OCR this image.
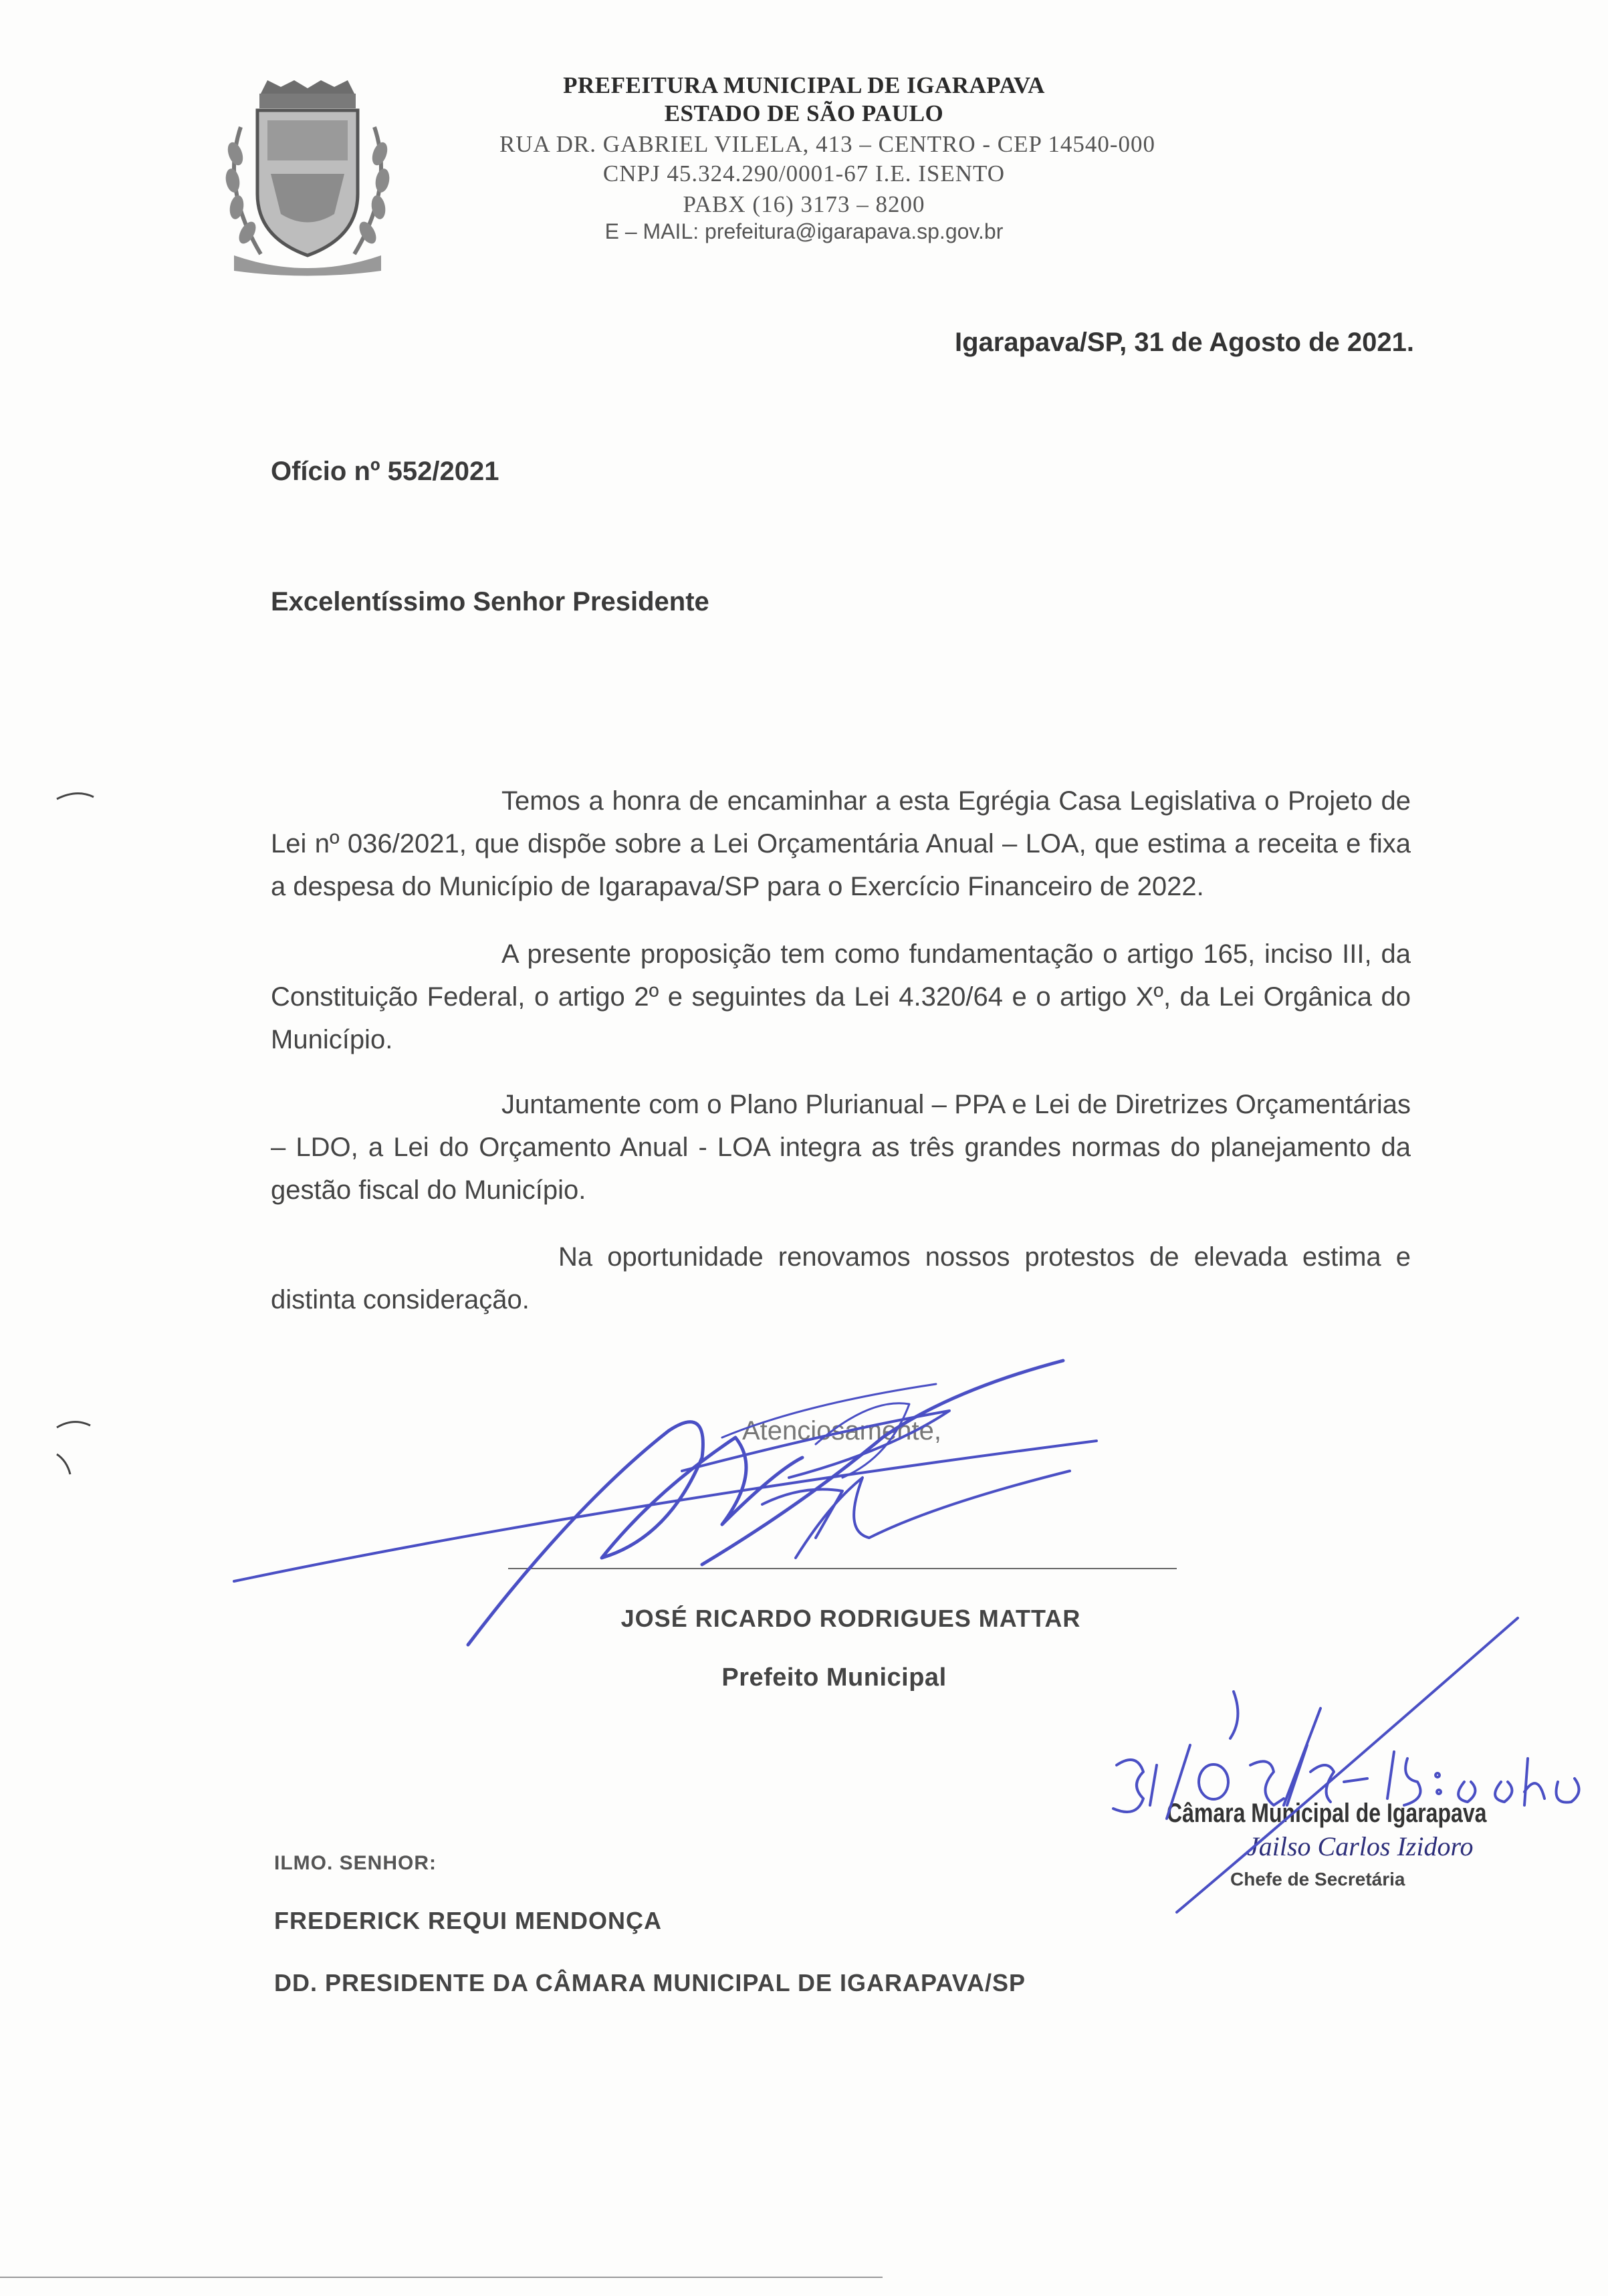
PREFEITURA MUNICIPAL DE IGARAPAVA
ESTADO DE SÃO PAULO
RUA DR. GABRIEL VILELA, 413 – CENTRO - CEP 14540-000
CNPJ 45.324.290/0001-67 I.E. ISENTO
PABX (16) 3173 – 8200
E – MAIL: prefeitura@igarapava.sp.gov.br
Igarapava/SP, 31 de Agosto de 2021.
Ofício nº 552/2021
Excelentíssimo Senhor Presidente

Temos a honra de encaminhar a esta Egrégia Casa Legislativa o Projeto de Lei nº 036/2021, que dispõe sobre a Lei Orçamentária Anual – LOA, que estima a receita e fixa a despesa do Município de Igarapava/SP para o Exercício Financeiro de 2022.

A presente proposição tem como fundamentação o artigo 165, inciso III, da Constituição Federal, o artigo 2º e seguintes da Lei 4.320/64 e o artigo Xº, da Lei Orgânica do Município.

Juntamente com o Plano Plurianual – PPA e Lei de Diretrizes Orçamentárias – LDO, a Lei do Orçamento Anual - LOA integra as três grandes normas do planejamento da gestão fiscal do Município.

Na oportunidade renovamos nossos protestos de elevada estima e distinta consideração.

Atenciosamente,
JOSÉ RICARDO RODRIGUES MATTAR
Prefeito Municipal
ILMO. SENHOR:
FREDERICK REQUI MENDONÇA
DD. PRESIDENTE DA CÂMARA MUNICIPAL DE IGARAPAVA/SP
Câmara Municipal de Igarapava
Jailso Carlos Izidoro
Chefe de Secretária
